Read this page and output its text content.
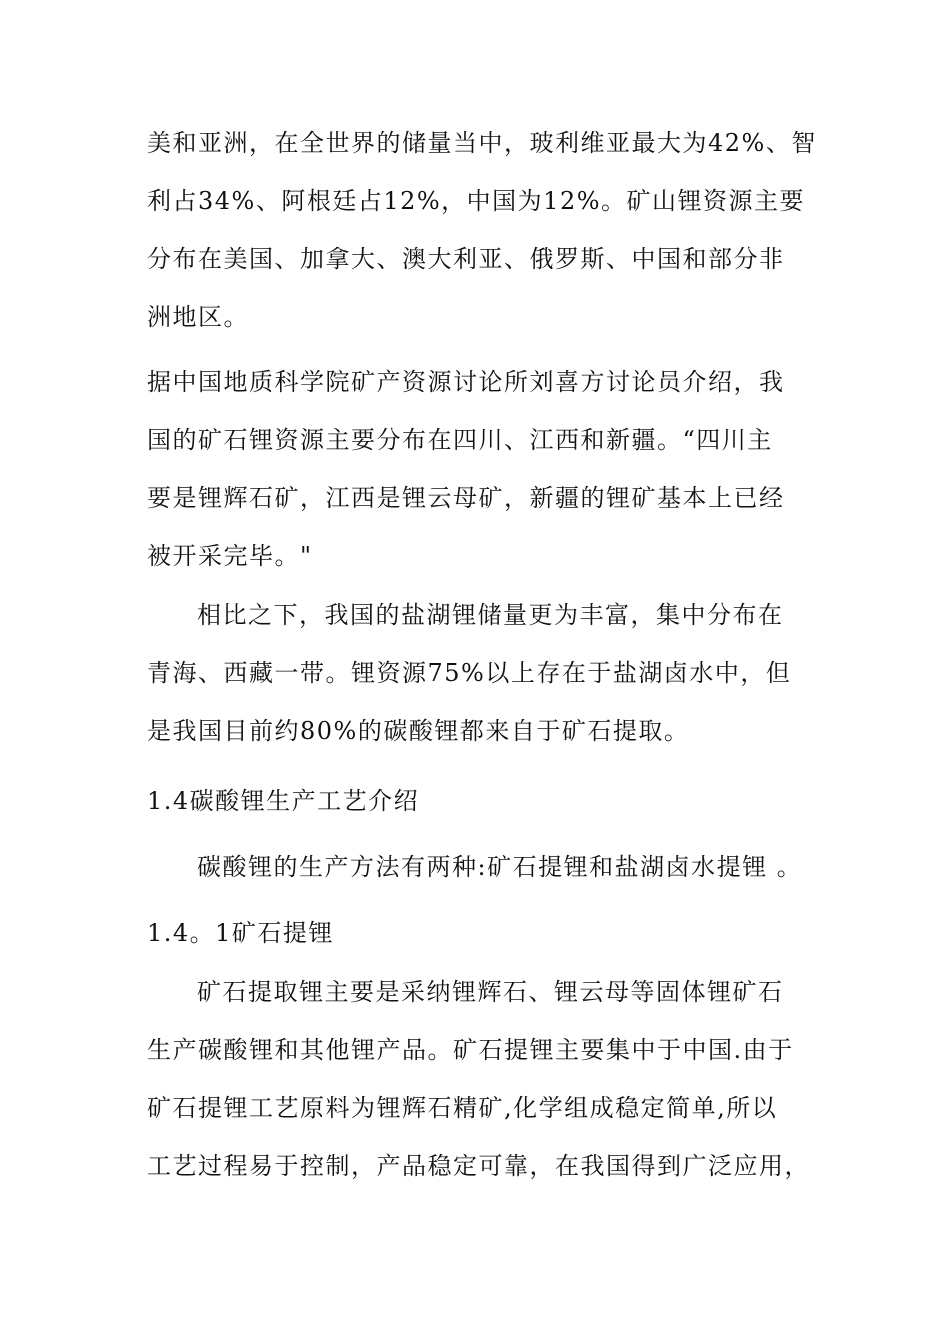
美和亚洲，在全世界的储量当中，玻利维亚最大为42%、智
利占34%、阿根廷占12%，中国为12%。矿山锂资源主要
分布在美国、加拿大、澳大利亚、俄罗斯、中国和部分非
洲地区。
据中国地质科学院矿产资源讨论所刘喜方讨论员介绍，我
国的矿石锂资源主要分布在四川、江西和新疆。“四川主
要是锂辉石矿，江西是锂云母矿，新疆的锂矿基本上已经
被开采完毕。"
相比之下，我国的盐湖锂储量更为丰富，集中分布在
青海、西藏一带。锂资源75%以上存在于盐湖卤水中，但
是我国目前约80%的碳酸锂都来自于矿石提取。
1.4碳酸锂生产工艺介绍
碳酸锂的生产方法有两种:矿石提锂和盐湖卤水提锂 。
1.4。1矿石提锂
矿石提取锂主要是采纳锂辉石、锂云母等固体锂矿石
生产碳酸锂和其他锂产品。矿石提锂主要集中于中国.由于
矿石提锂工艺原料为锂辉石精矿,化学组成稳定简单,所以
工艺过程易于控制，产品稳定可靠，在我国得到广泛应用，
